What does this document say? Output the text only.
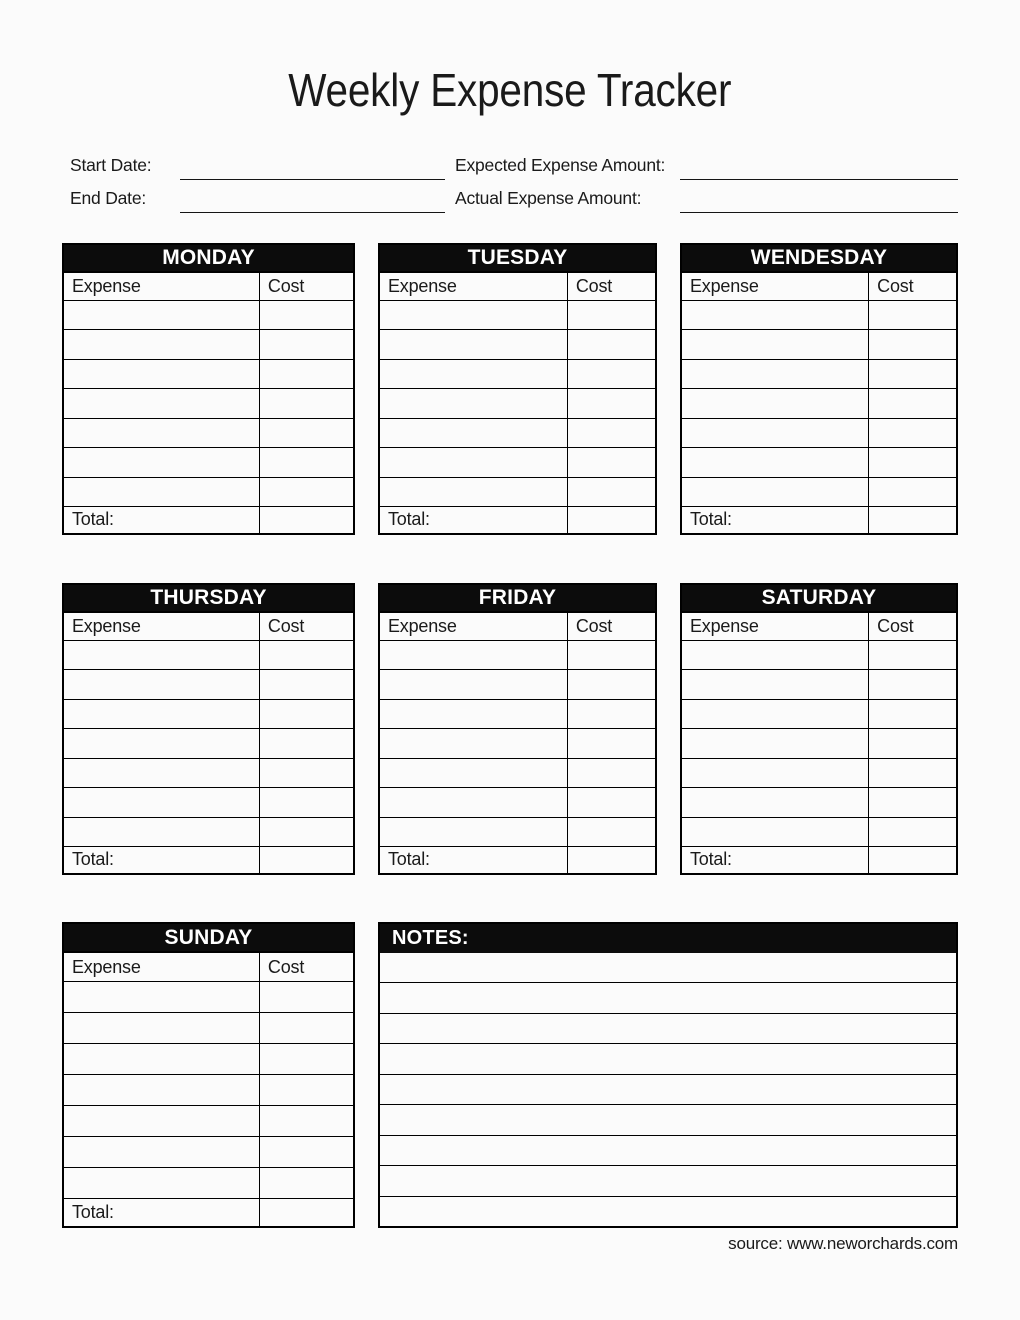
Weekly Expense Tracker
Start Date:
End Date:
Expected Expense Amount:
Actual Expense Amount:
MONDAY	
Expense	Cost

Total:	
TUESDAY	
Expense	Cost

Total:	
WENDESDAY	
Expense	Cost

Total:	
THURSDAY	
Expense	Cost

Total:	
FRIDAY	
Expense	Cost

Total:	
SATURDAY	
Expense	Cost

Total:	
SUNDAY	
Expense	Cost

Total:	
NOTES:
source: www.neworchards.com
